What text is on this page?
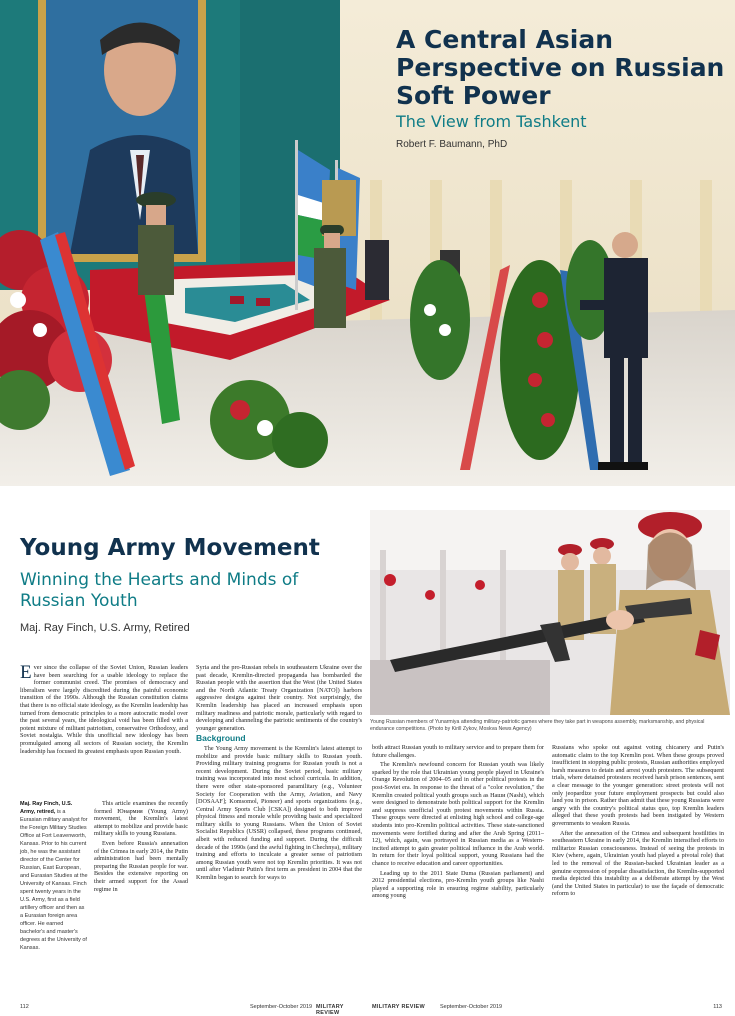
A Central Asian Perspective on Russian Soft Power
The View from Tashkent
Robert F. Baumann, PhD
Young Army Movement
Winning the Hearts and Minds of Russian Youth
Maj. Ray Finch, U.S. Army, Retired

Ever since the collapse of the Soviet Union, Russian leaders have been searching for a usable ideology to replace the former communist creed. The promises of democracy and liberalism were largely discredited during the painful economic transition of the 1990s. Although the Russian constitution claims that there is no official state ideology, as the Kremlin leadership has turned from democratic principles to a more autocratic model over the past several years, the ideological void has been filled with a potent mixture of militant patriotism, conservative Orthodoxy, and Soviet nostalgia. While this unofficial new ideology has been promulgated among all sectors of Russian society, the Kremlin leadership has focused its greatest emphasis upon Russian youth.

This article examines the recently formed Юнармия (Young Army) movement, the Kremlin's latest attempt to mobilize and provide basic military skills to young Russians.

Even before Russia's annexation of the Crimea in early 2014, the Putin administration had been mentally preparing the Russian people for war. Besides the extensive reporting on their armed support for the Assad regime in

Maj. Ray Finch, U.S. Army, retired, is a Eurasian military analyst for the Foreign Military Studies Office at Fort Leavenworth, Kansas. Prior to his current job, he was the assistant director of the Center for Russian, East European, and Eurasian Studies at the University of Kansas. Finch spent twenty years in the U.S. Army, first as a field artillery officer and then as a Eurasian foreign area officer. He earned bachelor's and master's degrees at the University of Kansas.

Syria and the pro-Russian rebels in southeastern Ukraine over the past decade, Kremlin-directed propaganda has bombarded the Russian people with the assertion that the West (the United States and the North Atlantic Treaty Organization [NATO]) harbors aggressive designs against their country. Not surprisingly, the Kremlin leadership has placed an increased emphasis upon military readiness and patriotic morale, particularly with regard to developing and channeling the patriotic sentiments of the country's younger generation.

Background

The Young Army movement is the Kremlin's latest attempt to mobilize and provide basic military skills to Russian youth. Providing military training programs for Russian youth is not a recent development. During the Soviet period, basic military training was incorporated into most school curricula. In addition, there were other state-sponsored paramilitary (e.g., Volunteer Society for Cooperation with the Army, Aviation, and Navy [DOSAAF]; Komsomol, Pioneer) and sports organizations (e.g., Central Army Sports Club [CSKA]) designed to both improve physical fitness and morale while providing basic and specialized military skills to young Russians. When the Union of Soviet Socialist Republics (USSR) collapsed, these programs continued, albeit with reduced funding and support. During the difficult decade of the 1990s (and the awful fighting in Chechnya), military training and efforts to inculcate a greater sense of patriotism among Russian youth were not top Kremlin priorities. It was not until after Vladimir Putin's first term as president in 2004 that the Kremlin began to search for ways to

Young Russian members of Yunarmiya attending military-patriotic games where they take part in weapons assembly, marksmanship, and physical endurance competitions. (Photo by Kirill Zykov, Moskva News Agency)

both attract Russian youth to military service and to prepare them for future challenges.

The Kremlin's newfound concern for Russian youth was likely sparked by the role that Ukrainian young people played in Ukraine's Orange Revolution of 2004–05 and in other political protests in the post-Soviet era. In response to the threat of a "color revolution," the Kremlin created political youth groups such as Наши (Nashi), which were designed to demonstrate both political support for the Kremlin and suppress unofficial youth protest movements within Russia. These groups were directed at enlisting high school and college-age students into pro-Kremlin political activities. These state-sanctioned movements were fortified during and after the Arab Spring (2011–12), which, again, was portrayed in Russian media as a Western-incited attempt to gain greater political influence in the Arab world. In return for their loyal political support, young Russians had the chance to receive education and career opportunities.

Leading up to the 2011 State Duma (Russian parliament) and 2012 presidential elections, pro-Kremlin youth groups like Nashi played a supporting role in ensuring regime stability, particularly among young

Russians who spoke out against voting chicanery and Putin's automatic claim to the top Kremlin post. When these groups proved insufficient in stopping public protests, Russian authorities employed harsh measures to detain and arrest youth protesters. The subsequent trials, where detained protesters received harsh prison sentences, sent a clear message to the younger generation: street protests will not only jeopardize your future employment prospects but could also land you in prison. Rather than admit that these young Russians were angry with the country's political status quo, top Kremlin leaders alleged that these youth protests had been instigated by Western governments to weaken Russia.

After the annexation of the Crimea and subsequent hostilities in southeastern Ukraine in early 2014, the Kremlin intensified efforts to militarize Russian consciousness. Instead of seeing the protests in Kiev (where, again, Ukrainian youth had played a pivotal role) that led to the removal of the Russian-backed Ukrainian leader as a genuine expression of popular dissatisfaction, the Kremlin-supported media depicted this instability as a deliberate attempt by the West (and the United States in particular) to use the façade of democratic reform to

112	September-October 2019 MILITARY REVIEW
MILITARY REVIEW	September-October 2019	113
